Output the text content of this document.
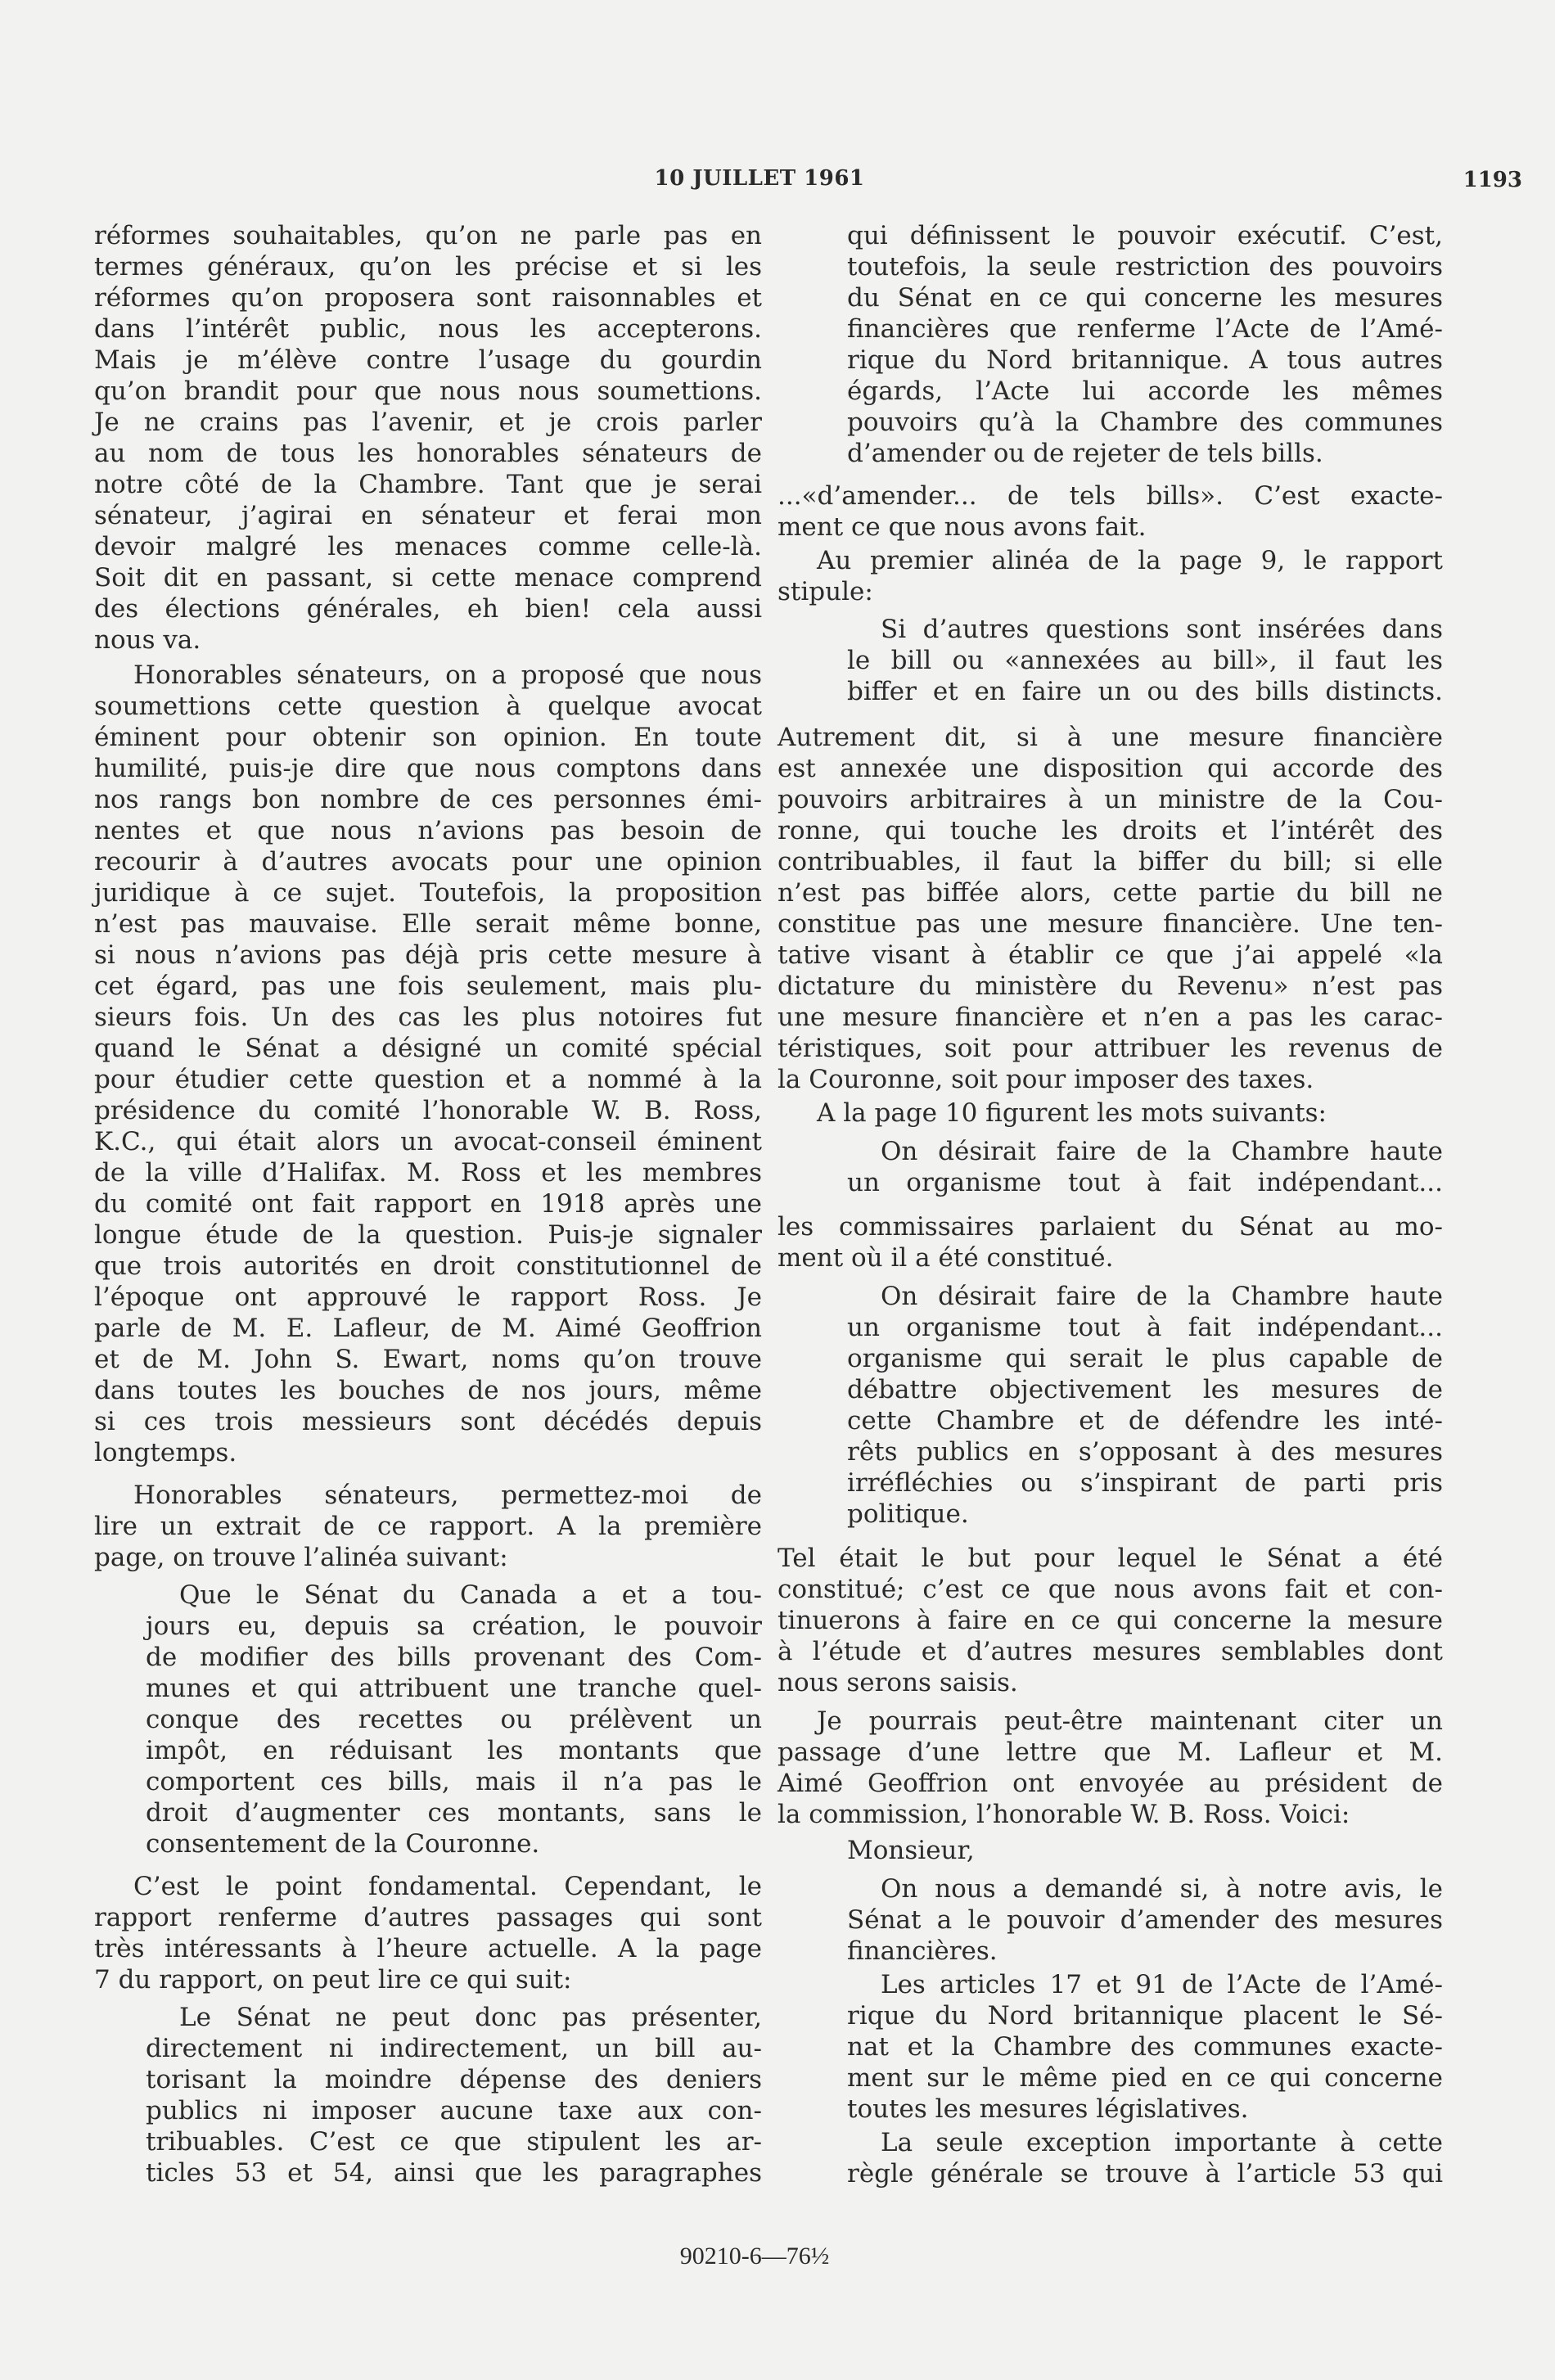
10 JUILLET 1961	1193
réformes souhaitables, qu’on ne parle pas en
termes généraux, qu’on les précise et si les
réformes qu’on proposera sont raisonnables et
dans l’intérêt public, nous les accepterons.
Mais je m’élève contre l’usage du gourdin
qu’on brandit pour que nous nous soumettions.
Je ne crains pas l’avenir, et je crois parler
au nom de tous les honorables sénateurs de
notre côté de la Chambre. Tant que je serai
sénateur, j’agirai en sénateur et ferai mon
devoir malgré les menaces comme celle-là.
Soit dit en passant, si cette menace comprend
des élections générales, eh bien! cela aussi
nous va.
Honorables sénateurs, on a proposé que nous
soumettions cette question à quelque avocat
éminent pour obtenir son opinion. En toute
humilité, puis-je dire que nous comptons dans
nos rangs bon nombre de ces personnes émi-
nentes et que nous n’avions pas besoin de
recourir à d’autres avocats pour une opinion
juridique à ce sujet. Toutefois, la proposition
n’est pas mauvaise. Elle serait même bonne,
si nous n’avions pas déjà pris cette mesure à
cet égard, pas une fois seulement, mais plu-
sieurs fois. Un des cas les plus notoires fut
quand le Sénat a désigné un comité spécial
pour étudier cette question et a nommé à la
présidence du comité l’honorable W. B. Ross,
K.C., qui était alors un avocat-conseil éminent
de la ville d’Halifax. M. Ross et les membres
du comité ont fait rapport en 1918 après une
longue étude de la question. Puis-je signaler
que trois autorités en droit constitutionnel de
l’époque ont approuvé le rapport Ross. Je
parle de M. E. Lafleur, de M. Aimé Geoffrion
et de M. John S. Ewart, noms qu’on trouve
dans toutes les bouches de nos jours, même
si ces trois messieurs sont décédés depuis
longtemps.
Honorables sénateurs, permettez-moi de
lire un extrait de ce rapport. A la première
page, on trouve l’alinéa suivant:
Que le Sénat du Canada a et a tou-
jours eu, depuis sa création, le pouvoir
de modifier des bills provenant des Com-
munes et qui attribuent une tranche quel-
conque des recettes ou prélèvent un
impôt, en réduisant les montants que
comportent ces bills, mais il n’a pas le
droit d’augmenter ces montants, sans le
consentement de la Couronne.
C’est le point fondamental. Cependant, le
rapport renferme d’autres passages qui sont
très intéressants à l’heure actuelle. A la page
7 du rapport, on peut lire ce qui suit:
Le Sénat ne peut donc pas présenter,
directement ni indirectement, un bill au-
torisant la moindre dépense des deniers
publics ni imposer aucune taxe aux con-
tribuables. C’est ce que stipulent les ar-
ticles 53 et 54, ainsi que les paragraphes
qui définissent le pouvoir exécutif. C’est,
toutefois, la seule restriction des pouvoirs
du Sénat en ce qui concerne les mesures
financières que renferme l’Acte de l’Amé-
rique du Nord britannique. A tous autres
égards, l’Acte lui accorde les mêmes
pouvoirs qu’à la Chambre des communes
d’amender ou de rejeter de tels bills.
...«d’amender... de tels bills». C’est exacte-
ment ce que nous avons fait.
Au premier alinéa de la page 9, le rapport
stipule:
Si d’autres questions sont insérées dans
le bill ou «annexées au bill», il faut les
biffer et en faire un ou des bills distincts.
Autrement dit, si à une mesure financière
est annexée une disposition qui accorde des
pouvoirs arbitraires à un ministre de la Cou-
ronne, qui touche les droits et l’intérêt des
contribuables, il faut la biffer du bill; si elle
n’est pas biffée alors, cette partie du bill ne
constitue pas une mesure financière. Une ten-
tative visant à établir ce que j’ai appelé «la
dictature du ministère du Revenu» n’est pas
une mesure financière et n’en a pas les carac-
téristiques, soit pour attribuer les revenus de
la Couronne, soit pour imposer des taxes.
A la page 10 figurent les mots suivants:
On désirait faire de la Chambre haute
un organisme tout à fait indépendant...
les commissaires parlaient du Sénat au mo-
ment où il a été constitué.
On désirait faire de la Chambre haute
un organisme tout à fait indépendant...
organisme qui serait le plus capable de
débattre objectivement les mesures de
cette Chambre et de défendre les inté-
rêts publics en s’opposant à des mesures
irréfléchies ou s’inspirant de parti pris
politique.
Tel était le but pour lequel le Sénat a été
constitué; c’est ce que nous avons fait et con-
tinuerons à faire en ce qui concerne la mesure
à l’étude et d’autres mesures semblables dont
nous serons saisis.
Je pourrais peut-être maintenant citer un
passage d’une lettre que M. Lafleur et M.
Aimé Geoffrion ont envoyée au président de
la commission, l’honorable W. B. Ross. Voici:
Monsieur,
On nous a demandé si, à notre avis, le
Sénat a le pouvoir d’amender des mesures
financières.
Les articles 17 et 91 de l’Acte de l’Amé-
rique du Nord britannique placent le Sé-
nat et la Chambre des communes exacte-
ment sur le même pied en ce qui concerne
toutes les mesures législatives.
La seule exception importante à cette
règle générale se trouve à l’article 53 qui
90210-6—76½
